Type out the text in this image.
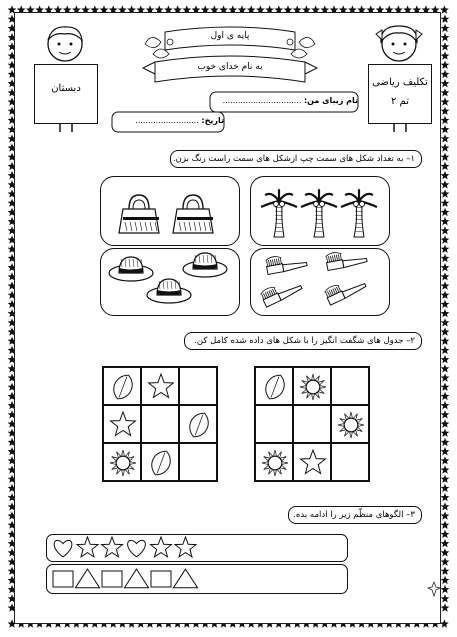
دبستان
تکلیف ریاضی
تم ۲
پایه ی اول
به نام خدای خوب
نام زیبای من: ...............................
تاریخ: .........................
۱– به تعداد شکل های سمت چپ ازشکل های سمت راست رنگ بزن.
۲– جدول های شگفت انگیز را با شکل های داده شده کامل کن.
۳– الگوهای منظّم زیر را ادامه بده.
